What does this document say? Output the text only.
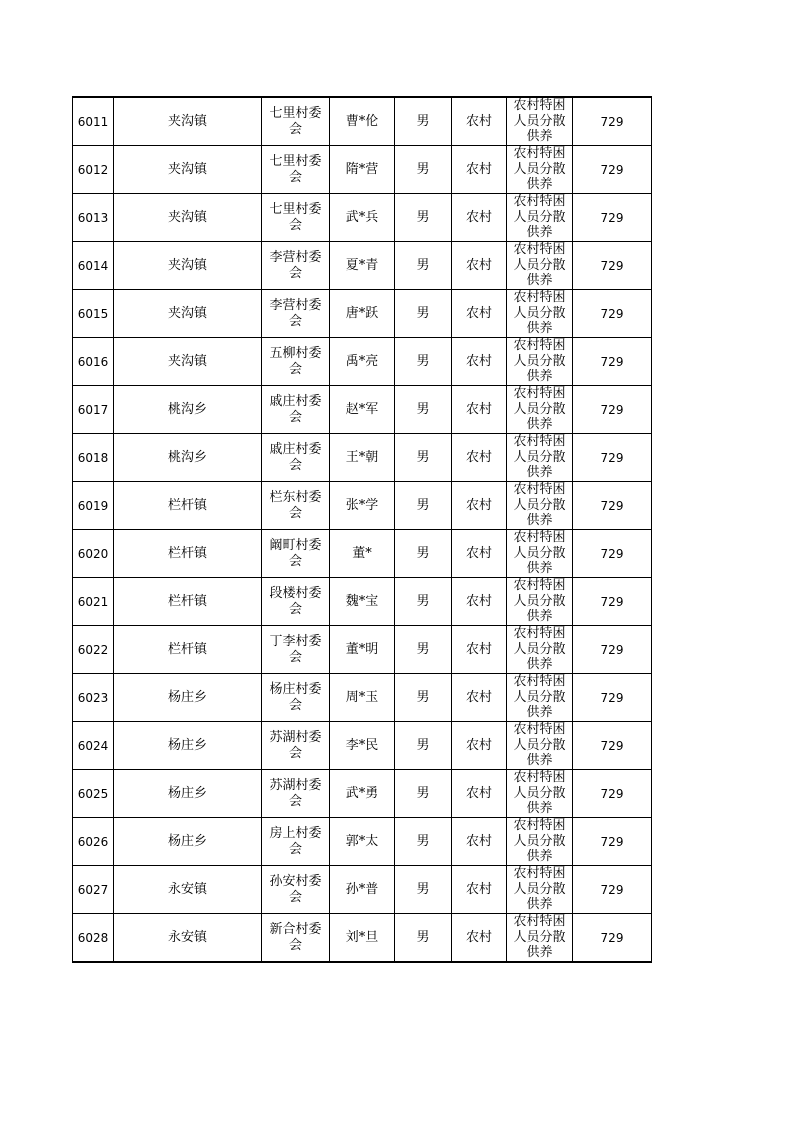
6011	夹沟镇	七里村委会	曹*伦	男	农村	农村特困人员分散供养	729
6012	夹沟镇	七里村委会	隋*营	男	农村	农村特困人员分散供养	729
6013	夹沟镇	七里村委会	武*兵	男	农村	农村特困人员分散供养	729
6014	夹沟镇	李营村委会	夏*青	男	农村	农村特困人员分散供养	729
6015	夹沟镇	李营村委会	唐*跃	男	农村	农村特困人员分散供养	729
6016	夹沟镇	五柳村委会	禹*亮	男	农村	农村特困人员分散供养	729
6017	桃沟乡	戚庄村委会	赵*军	男	农村	农村特困人员分散供养	729
6018	桃沟乡	戚庄村委会	王*朝	男	农村	农村特困人员分散供养	729
6019	栏杆镇	栏东村委会	张*学	男	农村	农村特困人员分散供养	729
6020	栏杆镇	阚町村委会	董*	男	农村	农村特困人员分散供养	729
6021	栏杆镇	段楼村委会	魏*宝	男	农村	农村特困人员分散供养	729
6022	栏杆镇	丁李村委会	董*明	男	农村	农村特困人员分散供养	729
6023	杨庄乡	杨庄村委会	周*玉	男	农村	农村特困人员分散供养	729
6024	杨庄乡	苏湖村委会	李*民	男	农村	农村特困人员分散供养	729
6025	杨庄乡	苏湖村委会	武*勇	男	农村	农村特困人员分散供养	729
6026	杨庄乡	房上村委会	郭*太	男	农村	农村特困人员分散供养	729
6027	永安镇	孙安村委会	孙*普	男	农村	农村特困人员分散供养	729
6028	永安镇	新合村委会	刘*旦	男	农村	农村特困人员分散供养	729
